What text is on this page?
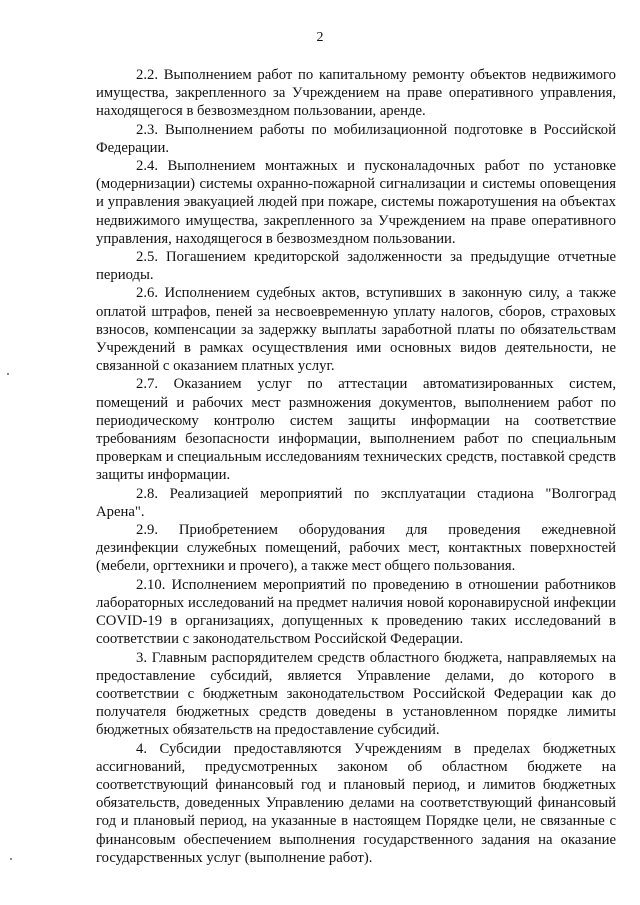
2

2.2. Выполнением работ по капитальному ремонту объектов недвижимого имущества, закрепленного за Учреждением на праве оперативного управления, находящегося в безвозмездном пользовании, аренде.

2.3. Выполнением работы по мобилизационной подготовке в Российской Федерации.

2.4. Выполнением монтажных и пусконаладочных работ по установке (модернизации) системы охранно-пожарной сигнализации и системы оповещения и управления эвакуацией людей при пожаре, системы пожаротушения на объектах недвижимого имущества, закрепленного за Учреждением на праве оперативного управления, находящегося в безвозмездном пользовании.

2.5. Погашением кредиторской задолженности за предыдущие отчетные периоды.

2.6. Исполнением судебных актов, вступивших в законную силу, а также оплатой штрафов, пеней за несвоевременную уплату налогов, сборов, страховых взносов, компенсации за задержку выплаты заработной платы по обязательствам Учреждений в рамках осуществления ими основных видов деятельности, не связанной с оказанием платных услуг.

2.7. Оказанием услуг по аттестации автоматизированных систем, помещений и рабочих мест размножения документов, выполнением работ по периодическому контролю систем защиты информации на соответствие требованиям безопасности информации, выполнением работ по специальным проверкам и специальным исследованиям технических средств, поставкой средств защиты информации.

2.8. Реализацией мероприятий по эксплуатации стадиона "Волгоград Арена".

2.9. Приобретением оборудования для проведения ежедневной дезинфекции служебных помещений, рабочих мест, контактных поверхностей (мебели, оргтехники и прочего), а также мест общего пользования.

2.10. Исполнением мероприятий по проведению в отношении работников лабораторных исследований на предмет наличия новой коронавирусной инфекции COVID-19 в организациях, допущенных к проведению таких исследований в соответствии с законодательством Российской Федерации.

3. Главным распорядителем средств областного бюджета, направляемых на предоставление субсидий, является Управление делами, до которого в соответствии с бюджетным законодательством Российской Федерации как до получателя бюджетных средств доведены в установленном порядке лимиты бюджетных обязательств на предоставление субсидий.

4. Субсидии предоставляются Учреждениям в пределах бюджетных ассигнований, предусмотренных законом об областном бюджете на соответствующий финансовый год и плановый период, и лимитов бюджетных обязательств, доведенных Управлению делами на соответствующий финансовый год и плановый период, на указанные в настоящем Порядке цели, не связанные с финансовым обеспечением выполнения государственного задания на оказание государственных услуг (выполнение работ).
